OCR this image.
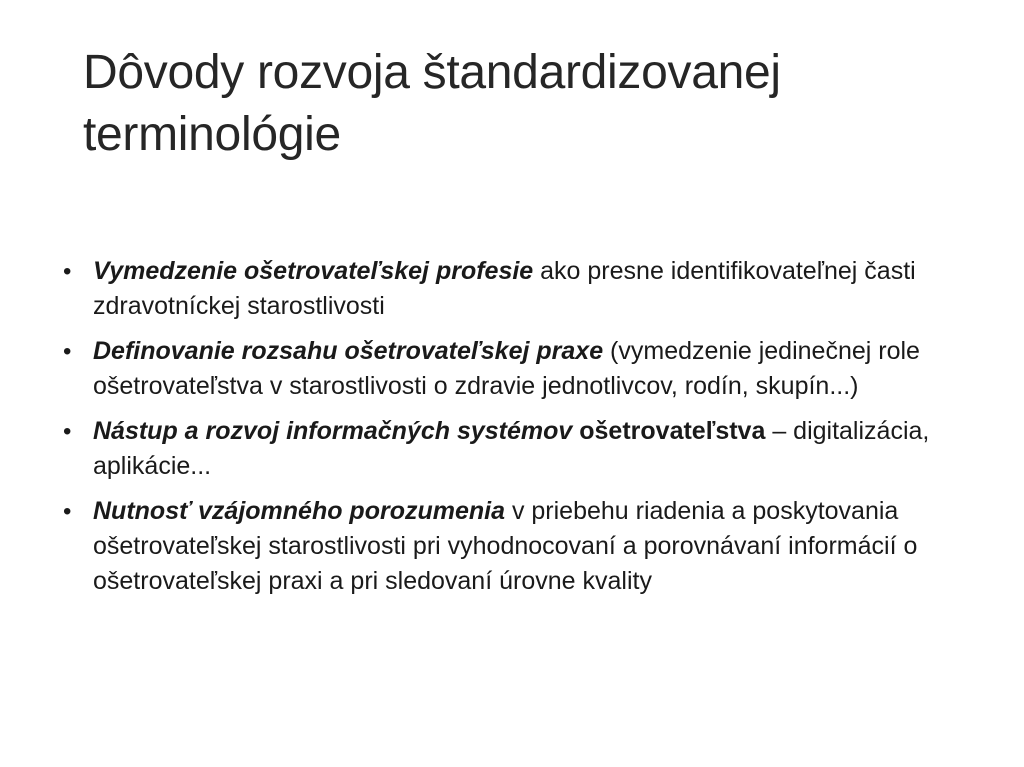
Dôvody rozvoja štandardizovanej terminológie
• Vymedzenie ošetrovateľskej profesie ako presne identifikovateľnej časti zdravotníckej starostlivosti
• Definovanie rozsahu ošetrovateľskej praxe (vymedzenie jedinečnej role ošetrovateľstva v starostlivosti o zdravie jednotlivcov, rodín, skupín...)
• Nástup a rozvoj informačných systémov ošetrovateľstva – digitalizácia, aplikácie...
• Nutnosť vzájomného porozumenia v priebehu riadenia a poskytovania ošetrovateľskej starostlivosti pri vyhodnocovaní a porovnávaní informácií o ošetrovateľskej praxi a pri sledovaní úrovne kvality
